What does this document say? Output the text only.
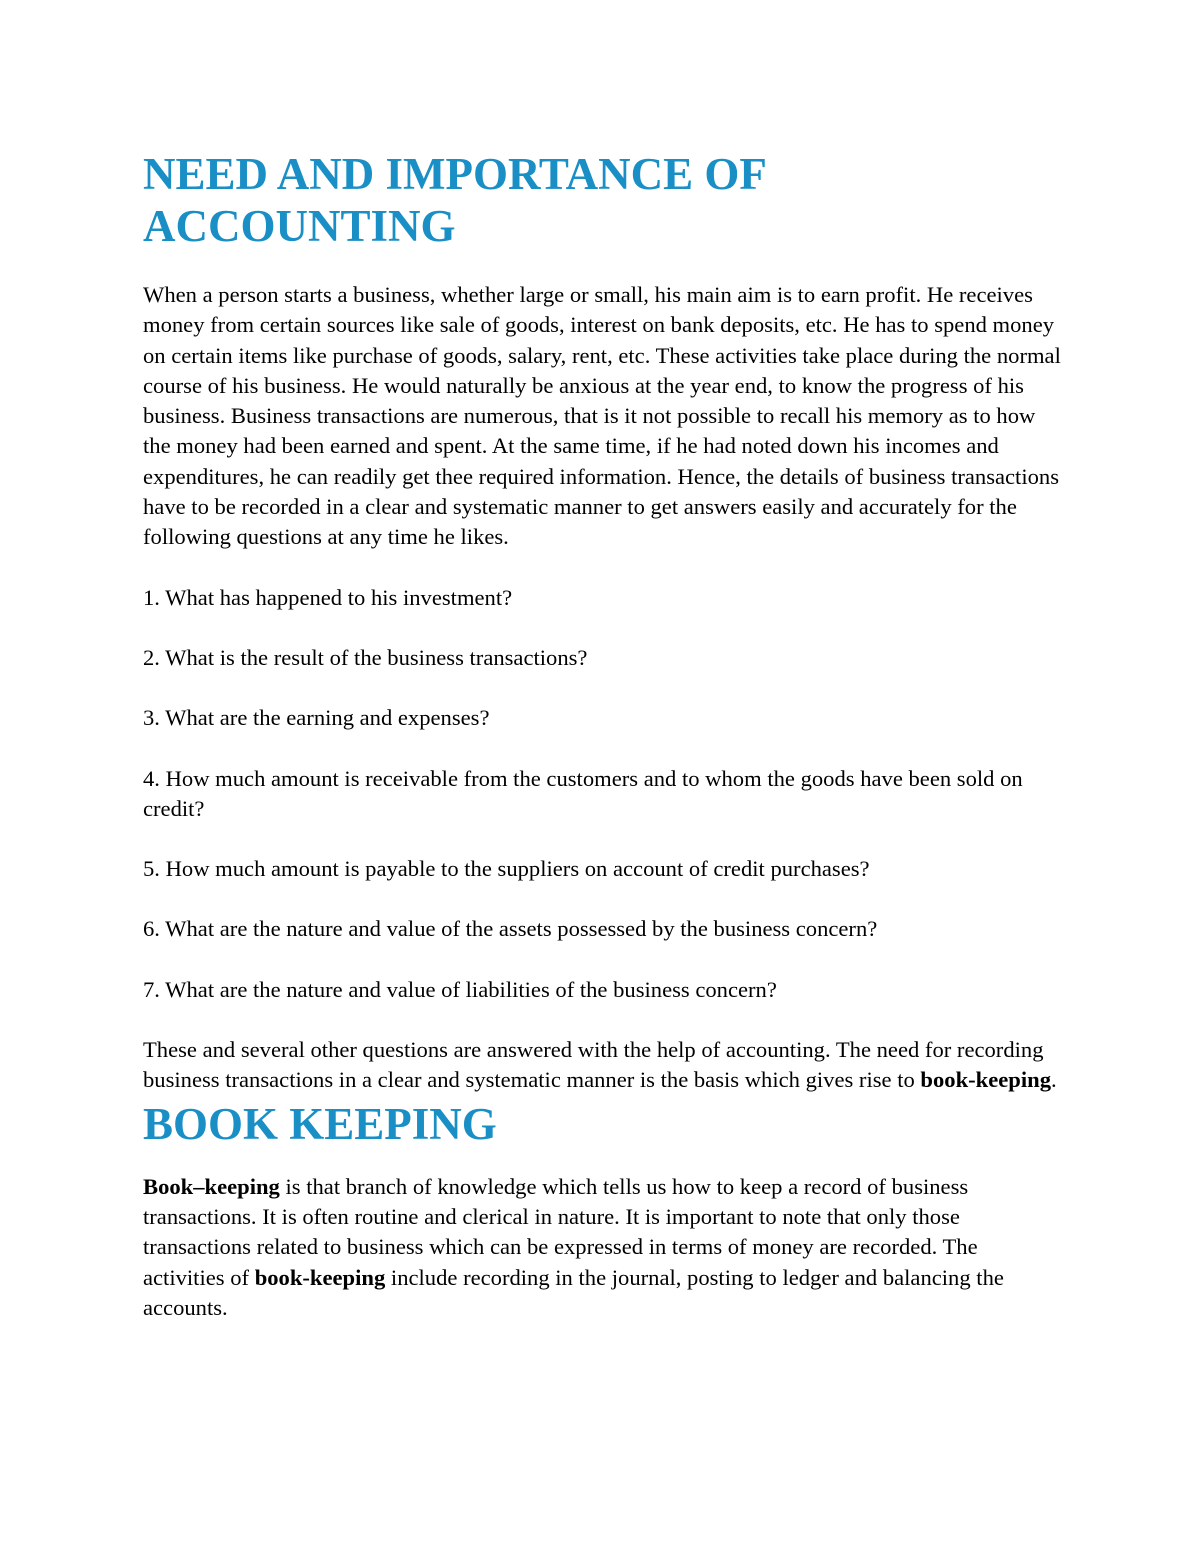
NEED AND IMPORTANCE OF ACCOUNTING

When a person starts a business, whether large or small, his main aim is to earn profit. He receives money from certain sources like sale of goods, interest on bank deposits, etc. He has to spend money on certain items like purchase of goods, salary, rent, etc. These activities take place during the normal course of his business. He would naturally be anxious at the year end, to know the progress of his business. Business transactions are numerous, that is it not possible to recall his memory as to how the money had been earned and spent. At the same time, if he had noted down his incomes and expenditures, he can readily get thee required information. Hence, the details of business transactions have to be recorded in a clear and systematic manner to get answers easily and accurately for the following questions at any time he likes.

1. What has happened to his investment?

2. What is the result of the business transactions?

3. What are the earning and expenses?

4. How much amount is receivable from the customers and to whom the goods have been sold on credit?

5. How much amount is payable to the suppliers on account of credit purchases?

6. What are the nature and value of the assets possessed by the business concern?

7. What are the nature and value of liabilities of the business concern?

These and several other questions are answered with the help of accounting. The need for recording business transactions in a clear and systematic manner is the basis which gives rise to book-keeping.

BOOK KEEPING

Book–keeping is that branch of knowledge which tells us how to keep a record of business transactions. It is often routine and clerical in nature. It is important to note that only those transactions related to business which can be expressed in terms of money are recorded. The activities of book-keeping include recording in the journal, posting to ledger and balancing the accounts.
